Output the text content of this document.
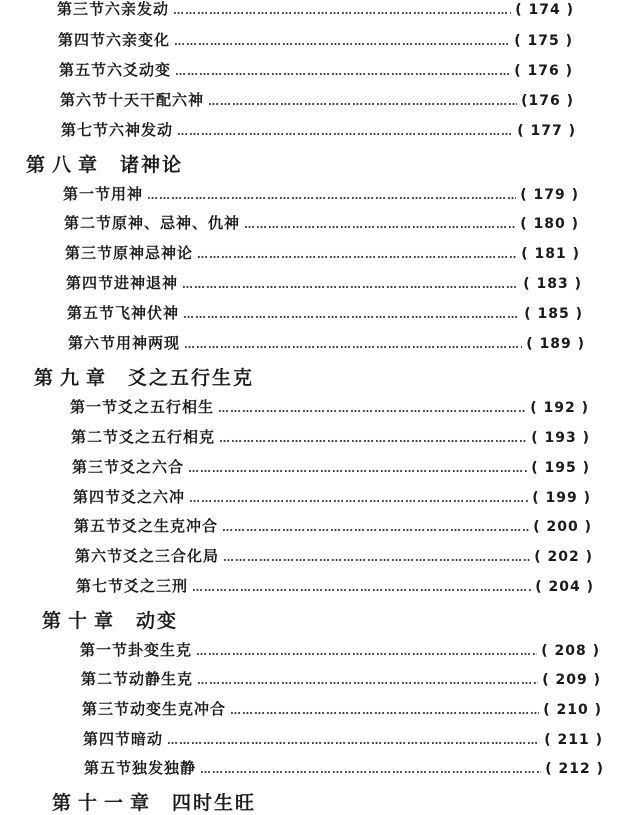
第三节 六亲发动 …………………………………………………………………………………………………………………………………………………………	( 174 )
第四节 六亲变化 …………………………………………………………………………………………………………………………………………………………	( 175 )
第五节 六爻动变 …………………………………………………………………………………………………………………………………………………………	( 176 )
第六节 十天干配六神 …………………………………………………………………………………………………………………………………………………………	(176 )
第七节 六神发动 …………………………………………………………………………………………………………………………………………………………	( 177 )
第八章 诸神论
第一节 用神 …………………………………………………………………………………………………………………………………………………………	( 179 )
第二节 原神、忌神、仇神 …………………………………………………………………………………………………………………………………………………………	( 180 )
第三节 原神忌神论 …………………………………………………………………………………………………………………………………………………………	( 181 )
第四节 进神退神 …………………………………………………………………………………………………………………………………………………………	( 183 )
第五节 飞神伏神 …………………………………………………………………………………………………………………………………………………………	( 185 )
第六节 用神两现 …………………………………………………………………………………………………………………………………………………………	( 189 )
第九章 爻之五行生克
第一节 爻之五行相生 …………………………………………………………………………………………………………………………………………………………	( 192 )
第二节 爻之五行相克 …………………………………………………………………………………………………………………………………………………………	( 193 )
第三节 爻之六合 …………………………………………………………………………………………………………………………………………………………	( 195 )
第四节 爻之六冲 …………………………………………………………………………………………………………………………………………………………	( 199 )
第五节 爻之生克冲合 …………………………………………………………………………………………………………………………………………………………	( 200 )
第六节 爻之三合化局 …………………………………………………………………………………………………………………………………………………………	( 202 )
第七节 爻之三刑 …………………………………………………………………………………………………………………………………………………………	( 204 )
第十章 动变
第一节 卦变生克 …………………………………………………………………………………………………………………………………………………………	( 208 )
第二节 动静生克 …………………………………………………………………………………………………………………………………………………………	( 209 )
第三节 动变生克冲合 …………………………………………………………………………………………………………………………………………………………	( 210 )
第四节 暗动 …………………………………………………………………………………………………………………………………………………………	( 211 )
第五节 独发独静 …………………………………………………………………………………………………………………………………………………………	( 212 )
第十一章 四时生旺
